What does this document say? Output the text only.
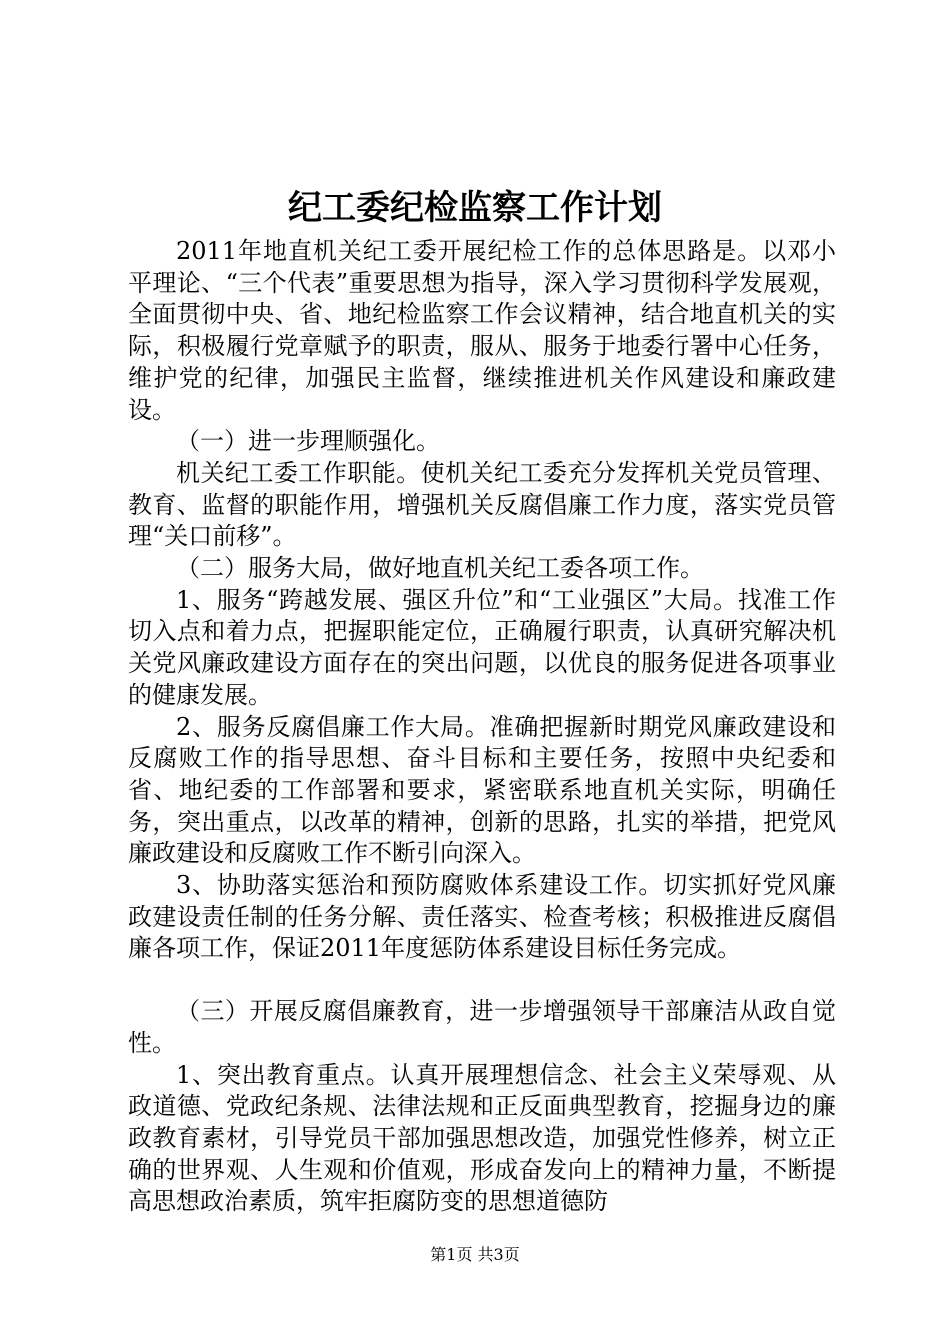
纪工委纪检监察工作计划

2011年地直机关纪工委开展纪检工作的总体思路是。以邓小平理论、“三个代表”重要思想为指导，深入学习贯彻科学发展观，全面贯彻中央、省、地纪检监察工作会议精神，结合地直机关的实际，积极履行党章赋予的职责，服从、服务于地委行署中心任务，维护党的纪律，加强民主监督，继续推进机关作风建设和廉政建设。

（一）进一步理顺强化。

机关纪工委工作职能。使机关纪工委充分发挥机关党员管理、教育、监督的职能作用，增强机关反腐倡廉工作力度，落实党员管理“关口前移”。

（二）服务大局，做好地直机关纪工委各项工作。

1、服务“跨越发展、强区升位”和“工业强区”大局。找准工作切入点和着力点，把握职能定位，正确履行职责，认真研究解决机关党风廉政建设方面存在的突出问题，以优良的服务促进各项事业的健康发展。

2、服务反腐倡廉工作大局。准确把握新时期党风廉政建设和反腐败工作的指导思想、奋斗目标和主要任务，按照中央纪委和省、地纪委的工作部署和要求，紧密联系地直机关实际，明确任务，突出重点，以改革的精神，创新的思路，扎实的举措，把党风廉政建设和反腐败工作不断引向深入。

3、协助落实惩治和预防腐败体系建设工作。切实抓好党风廉政建设责任制的任务分解、责任落实、检查考核；积极推进反腐倡廉各项工作，保证2011年度惩防体系建设目标任务完成。

（三）开展反腐倡廉教育，进一步增强领导干部廉洁从政自觉性。

1、突出教育重点。认真开展理想信念、社会主义荣辱观、从政道德、党政纪条规、法律法规和正反面典型教育，挖掘身边的廉政教育素材，引导党员干部加强思想改造，加强党性修养，树立正确的世界观、人生观和价值观，形成奋发向上的精神力量，不断提高思想政治素质，筑牢拒腐防变的思想道德防

第1页 共3页
